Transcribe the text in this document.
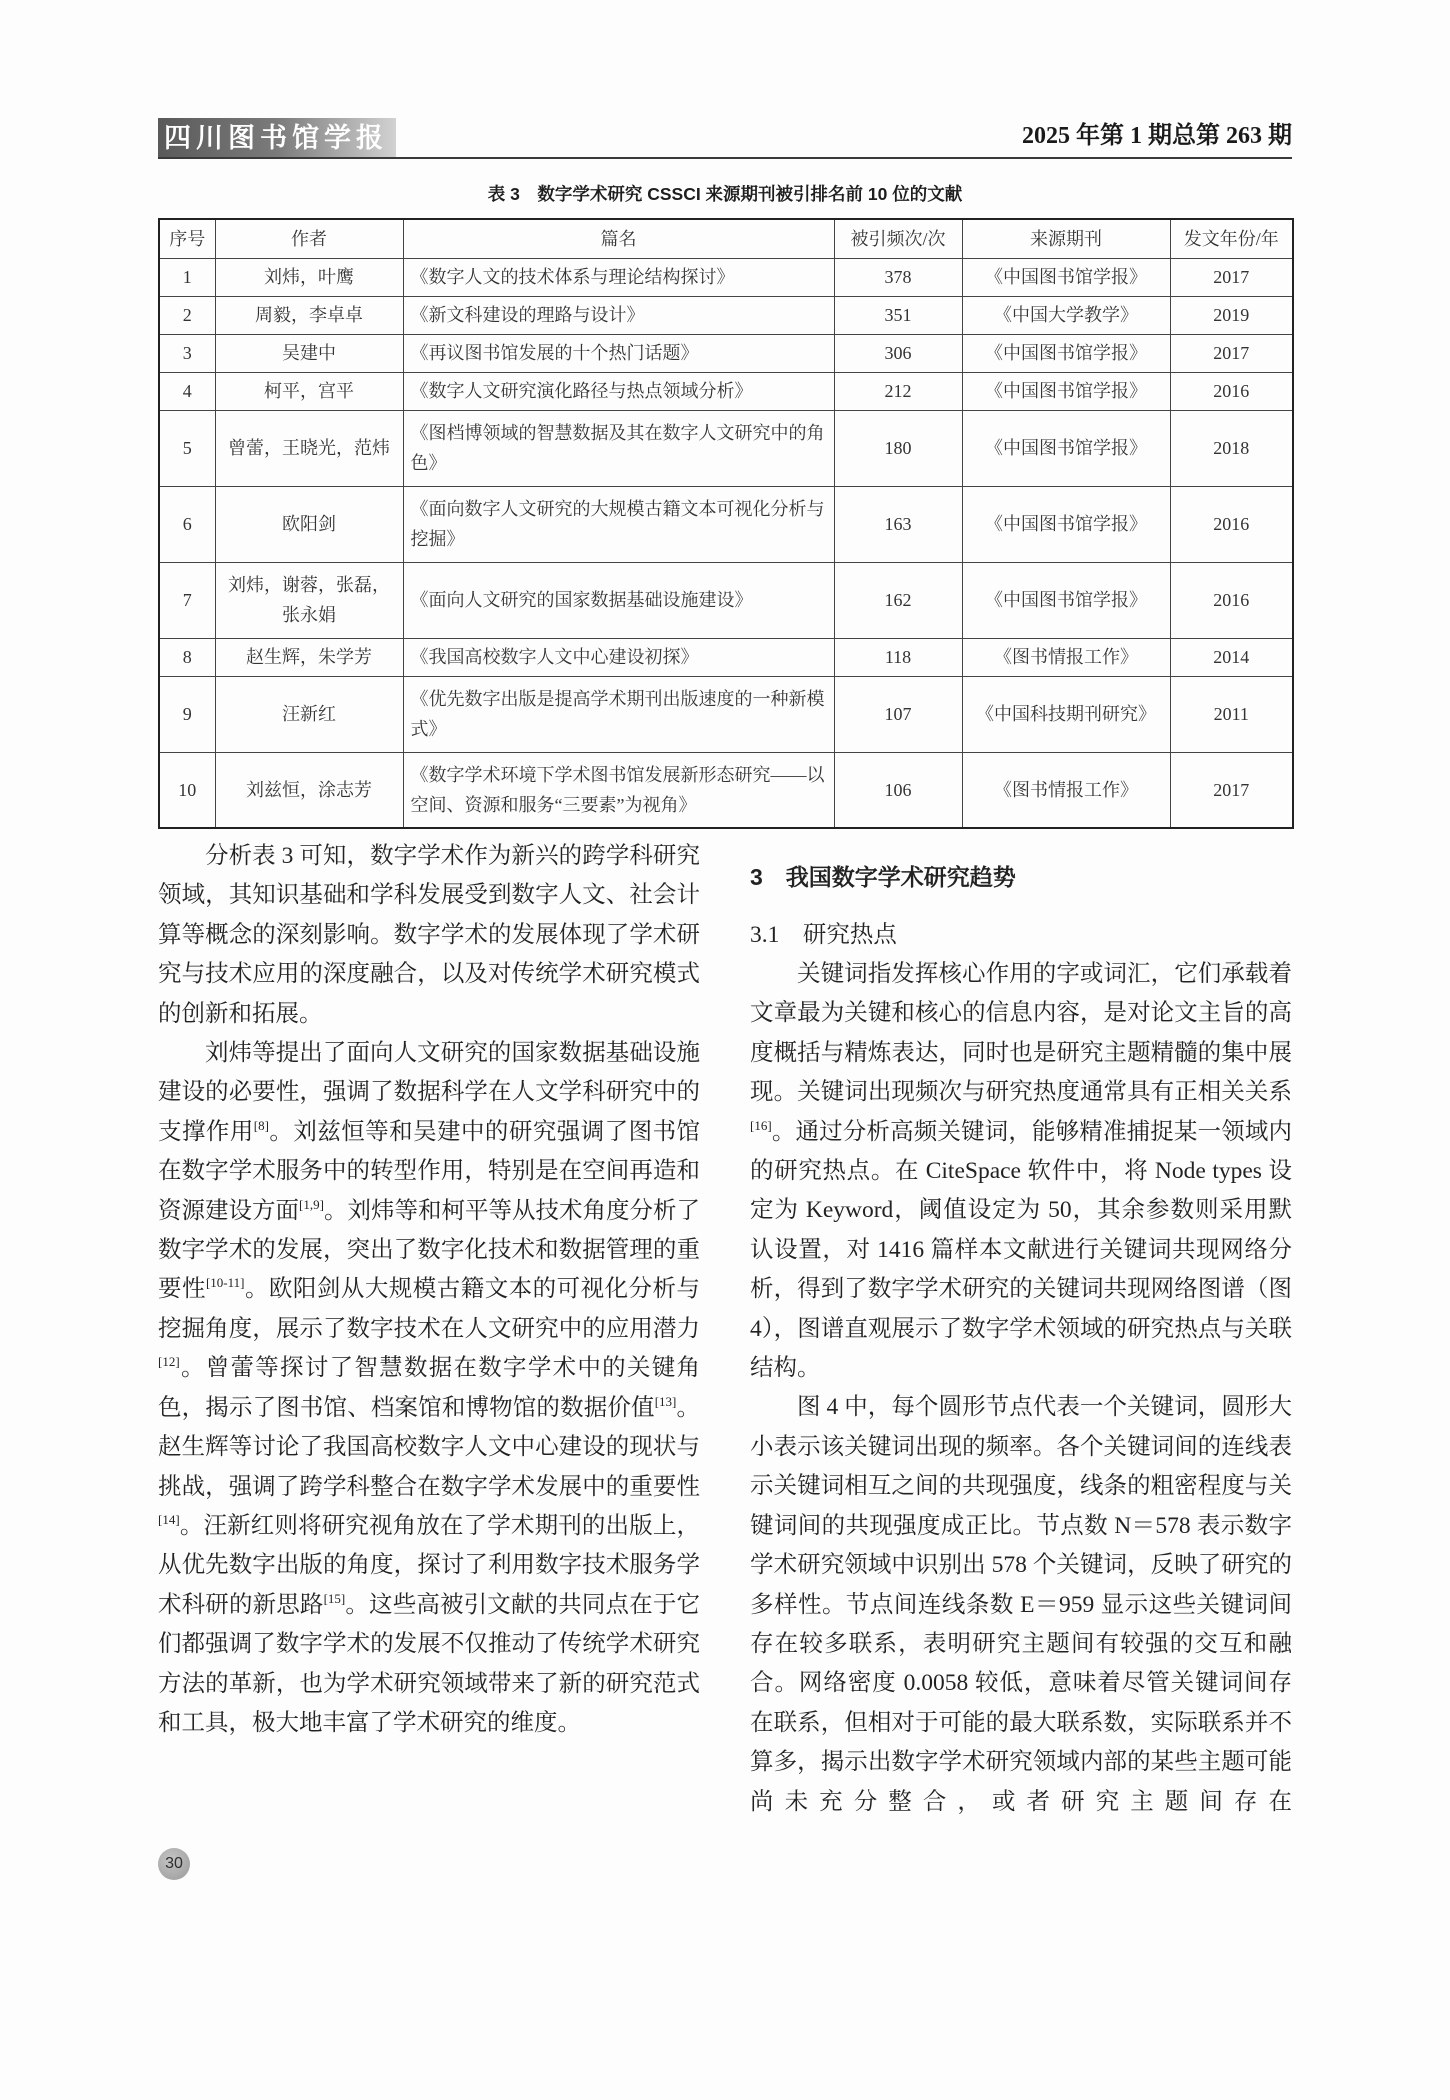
四川图书馆学报	2025 年第 1 期总第 263 期
表 3　数字学术研究 CSSCI 来源期刊被引排名前 10 位的文献
序号	作者	篇名	被引频次/次	来源期刊	发文年份/年
1	刘炜，叶鹰	《数字人文的技术体系与理论结构探讨》	378	《中国图书馆学报》	2017
2	周毅，李卓卓	《新文科建设的理路与设计》	351	《中国大学教学》	2019
3	吴建中	《再议图书馆发展的十个热门话题》	306	《中国图书馆学报》	2017
4	柯平，宫平	《数字人文研究演化路径与热点领域分析》	212	《中国图书馆学报》	2016
5	曾蕾，王晓光，范炜	《图档博领域的智慧数据及其在数字人文研究中的角色》	180	《中国图书馆学报》	2018
6	欧阳剑	《面向数字人文研究的大规模古籍文本可视化分析与挖掘》	163	《中国图书馆学报》	2016
7	刘炜，谢蓉，张磊，张永娟	《面向人文研究的国家数据基础设施建设》	162	《中国图书馆学报》	2016
8	赵生辉，朱学芳	《我国高校数字人文中心建设初探》	118	《图书情报工作》	2014
9	汪新红	《优先数字出版是提高学术期刊出版速度的一种新模式》	107	《中国科技期刊研究》	2011
10	刘兹恒，涂志芳	《数字学术环境下学术图书馆发展新形态研究——以空间、资源和服务“三要素”为视角》	106	《图书情报工作》	2017

分析表 3 可知，数字学术作为新兴的跨学科研究领域，其知识基础和学科发展受到数字人文、社会计算等概念的深刻影响。数字学术的发展体现了学术研究与技术应用的深度融合，以及对传统学术研究模式的创新和拓展。

刘炜等提出了面向人文研究的国家数据基础设施建设的必要性，强调了数据科学在人文学科研究中的支撑作用[8]。刘兹恒等和吴建中的研究强调了图书馆在数字学术服务中的转型作用，特别是在空间再造和资源建设方面[1,9]。刘炜等和柯平等从技术角度分析了数字学术的发展，突出了数字化技术和数据管理的重要性[10-11]。欧阳剑从大规模古籍文本的可视化分析与挖掘角度，展示了数字技术在人文研究中的应用潜力[12]。曾蕾等探讨了智慧数据在数字学术中的关键角色，揭示了图书馆、档案馆和博物馆的数据价值[13]。赵生辉等讨论了我国高校数字人文中心建设的现状与挑战，强调了跨学科整合在数字学术发展中的重要性[14]。汪新红则将研究视角放在了学术期刊的出版上，从优先数字出版的角度，探讨了利用数字技术服务学术科研的新思路[15]。这些高被引文献的共同点在于它们都强调了数字学术的发展不仅推动了传统学术研究方法的革新，也为学术研究领域带来了新的研究范式和工具，极大地丰富了学术研究的维度。

3　我国数字学术研究趋势
3.1　研究热点

关键词指发挥核心作用的字或词汇，它们承载着文章最为关键和核心的信息内容，是对论文主旨的高度概括与精炼表达，同时也是研究主题精髓的集中展现。关键词出现频次与研究热度通常具有正相关关系[16]。通过分析高频关键词，能够精准捕捉某一领域内的研究热点。在 CiteSpace 软件中，将 Node types 设定为 Keyword，阈值设定为 50，其余参数则采用默认设置，对 1416 篇样本文献进行关键词共现网络分析，得到了数字学术研究的关键词共现网络图谱（图 4），图谱直观展示了数字学术领域的研究热点与关联结构。

图 4 中，每个圆形节点代表一个关键词，圆形大小表示该关键词出现的频率。各个关键词间的连线表示关键词相互之间的共现强度，线条的粗密程度与关键词间的共现强度成正比。节点数 N＝578 表示数字学术研究领域中识别出 578 个关键词，反映了研究的多样性。节点间连线条数 E＝959 显示这些关键词间存在较多联系，表明研究主题间有较强的交互和融合。网络密度 0.0058 较低，意味着尽管关键词间存在联系，但相对于可能的最大联系数，实际联系并不算多，揭示出数字学术研究领域内部的某些主题可能尚未充分整合，或者研究主题间存在

30
